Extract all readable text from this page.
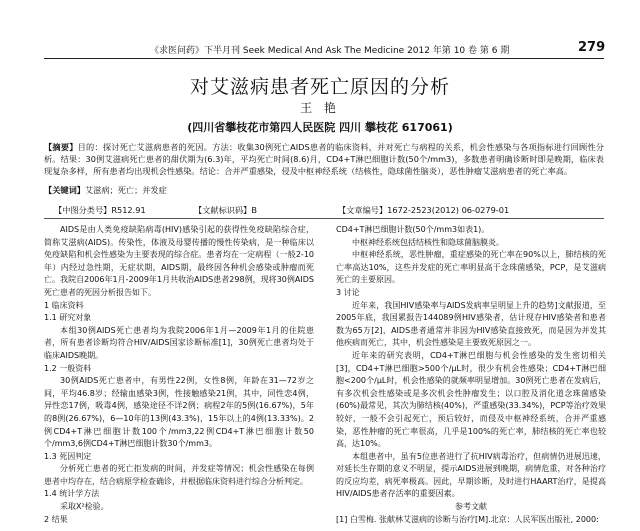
《求医问药》下半月刊 Seek Medical And Ask The Medicine 2012 年第 10 卷 第 6 期	279
对艾滋病患者死亡原因的分析
王 艳
(四川省攀枝花市第四人民医院 四川 攀枝花 617061)
【摘要】目的：探讨死亡艾滋病患者的死因。方法：收集30例死亡AIDS患者的临床资料，并对死亡与病程的关系，机会性感染与各项指标进行回顾性分析。结果：30例艾滋病死亡患者的甜伏期为(6.3)年，平均死亡时间(8.6)月，CD4+T淋巴细胞计数(50个/mm3)，多数患者明确诊断时即是晚期，临床表现复杂多样，所有患者均出现机会性感染。结论：合并严重感染，侵及中枢神经系统（结核性，隐球菌性脑炎），恶性肿瘤艾滋病患者的死亡率高。
【关键词】艾滋病；死亡；并发症
【中图分类号】R512.91	【文献标识码】B	【文章编号】1672-2523(2012) 06-0279-01

AIDS是由人类免疫缺陷病毒(HIV)感染引起的获得性免疫缺陷综合症，简称艾滋病(AIDS)。传染性，体液及母婴传播的慢性传染病，是一种临床以免疫缺陷和机会性感染为主要表现的综合症。患者均在一定病程（一般2-10年）内经过急性期，无症状期，AIDS期，最终因各种机会感染或肿瘤而死亡。我院自2006年1月-2009年1月共收治AIDS患者298例，现将30例AIDS死亡患者的死因分析报告如下。

1 临床资料

1.1 研究对象

本组30例AIDS死亡患者均为我院2006年1月—2009年1月的住院患者，所有患者诊断均符合HIV/AIDS国家诊断标准[1]，30例死亡患者均处于临床AIDS晚期。

1.2 一般资料

30例AIDS死亡患者中，有男性22例，女性8例，年龄在31—72岁之间，平均46.8岁；经输血感染3例，性接触感染21例，其中，同性恋4例，异性恋17例，吸毒4例，感染途径不详2例；病程2年的5例(16.67%)，5年的8例(26.67%)，6—10年的13例(43.3%)，15年以上的4例(13.33%)。2例CD4+T淋巴细胞计数100个/mm3,22例CD4+T淋巴细胞计数50个/mm3,6例CD4+T淋巴细胞计数30个/mm3。

1.3 死因判定

分析死亡患者的死亡拒发病的时间，并发症等情况；机会性感染在每例患者中均存在，结合病原学检查确诊，并根据临床资料进行综合分析判定。

1.4 统计学方法

采取X²检验。

2 结果

CD4+T淋巴细胞计数(50个/mm3如表1)。

中枢神经系统包括结核性和隐球菌脑膜炎。

中枢神经系统，恶性肿瘤，重症感染的死亡率在90%以上，肺结核的死亡率高达10%，这些并发症的死亡率明显高于念珠菌感染，PCP，是艾滋病死亡的主要原因。

3 讨论

近年来，我国HIV感染率与AIDS发病率呈明显上升的趋势]文献报道，至2005年底，我国累报告144089例HIV感染者，估计现存HIV感染者和患者数为65万[2]，AIDS患者通常并非因为HIV感染直接致死，而是因为并发其他疾病而死亡，其中，机会性感染是主要致死原因之一。

近年来的研究表明，CD4+T淋巴细胞与机会性感染的发生密切相关[3]，CD4+T淋巴细胞>500个/μL时，很少有机会性感染；CD4+T淋巴细胞<200个/μL时，机会性感染的就频率明显增加。30例死亡患者在发病后，有多次机会性感染或是多次机会性肿瘤发生；以口腔及消化道念珠菌感染(60%)最常见，其次为肺结核(40%)，严重感染(33.34%)，PCP等治疗效果较好，一般不会引起死亡，预后较好，而侵及中枢神经系统，合并严重感染，恶性肿瘤的死亡率很高，几乎是100%的死亡率，肺结核的死亡率也较高，达10%。

本组患者中，虽有5位患者进行了抗HIV病毒治疗，但病情仍进展迅速，对延长生存期的意义不明显，提示AIDS进展到晚期，病情危重，对各种治疗的反应均差，病死率极高。因此，早期诊断，及时进行HAART治疗，是提高HIV/AIDS患者存活率的重要因素。

参考文献

[1] 白雪梅. 张献林艾滋病的诊断与治疗[M].北京：人民军医出版社, 2000:
